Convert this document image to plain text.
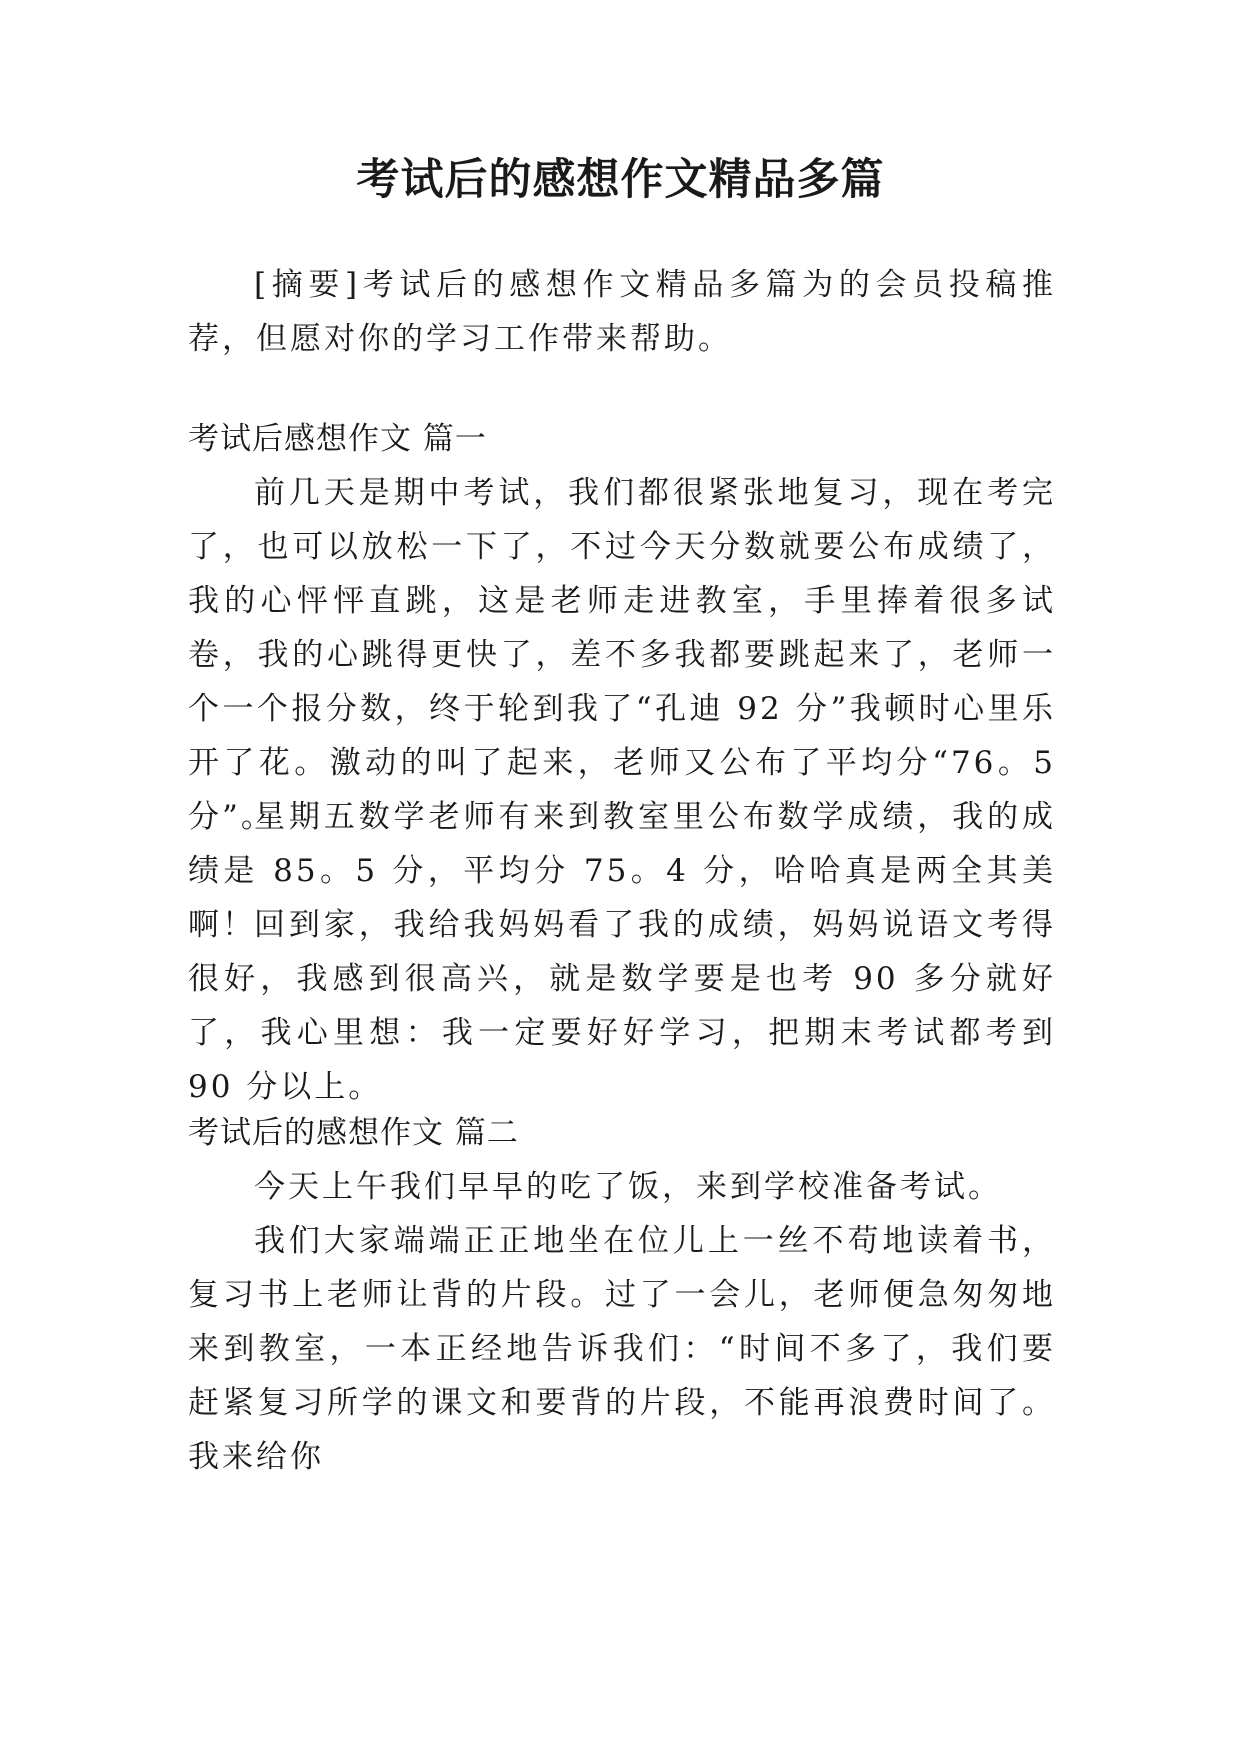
考试后的感想作文精品多篇

[摘要]考试后的感想作文精品多篇为的会员投稿推荐，但愿对你的学习工作带来帮助。

考试后感想作文 篇一

前几天是期中考试，我们都很紧张地复习，现在考完了，也可以放松一下了，不过今天分数就要公布成绩了，我的心怦怦直跳，这是老师走进教室，手里捧着很多试卷，我的心跳得更快了，差不多我都要跳起来了，老师一个一个报分数，终于轮到我了“孔迪 92 分”我顿时心里乐开了花。激动的叫了起来，老师又公布了平均分“76。5 分”。

星期五数学老师有来到教室里公布数学成绩，我的成绩是 85。5 分，平均分 75。4 分，哈哈真是两全其美啊！

回到家，我给我妈妈看了我的成绩，妈妈说语文考得很好，我感到很高兴，就是数学要是也考 90 多分就好了，我心里想：我一定要好好学习，把期末考试都考到 90 分以上。

考试后的感想作文 篇二

今天上午我们早早的吃了饭，来到学校准备考试。

我们大家端端正正地坐在位儿上一丝不苟地读着书，复习书上老师让背的片段。过了一会儿，老师便急匆匆地来到教室，一本正经地告诉我们：“时间不多了，我们要赶紧复习所学的课文和要背的片段，不能再浪费时间了。我来给你
